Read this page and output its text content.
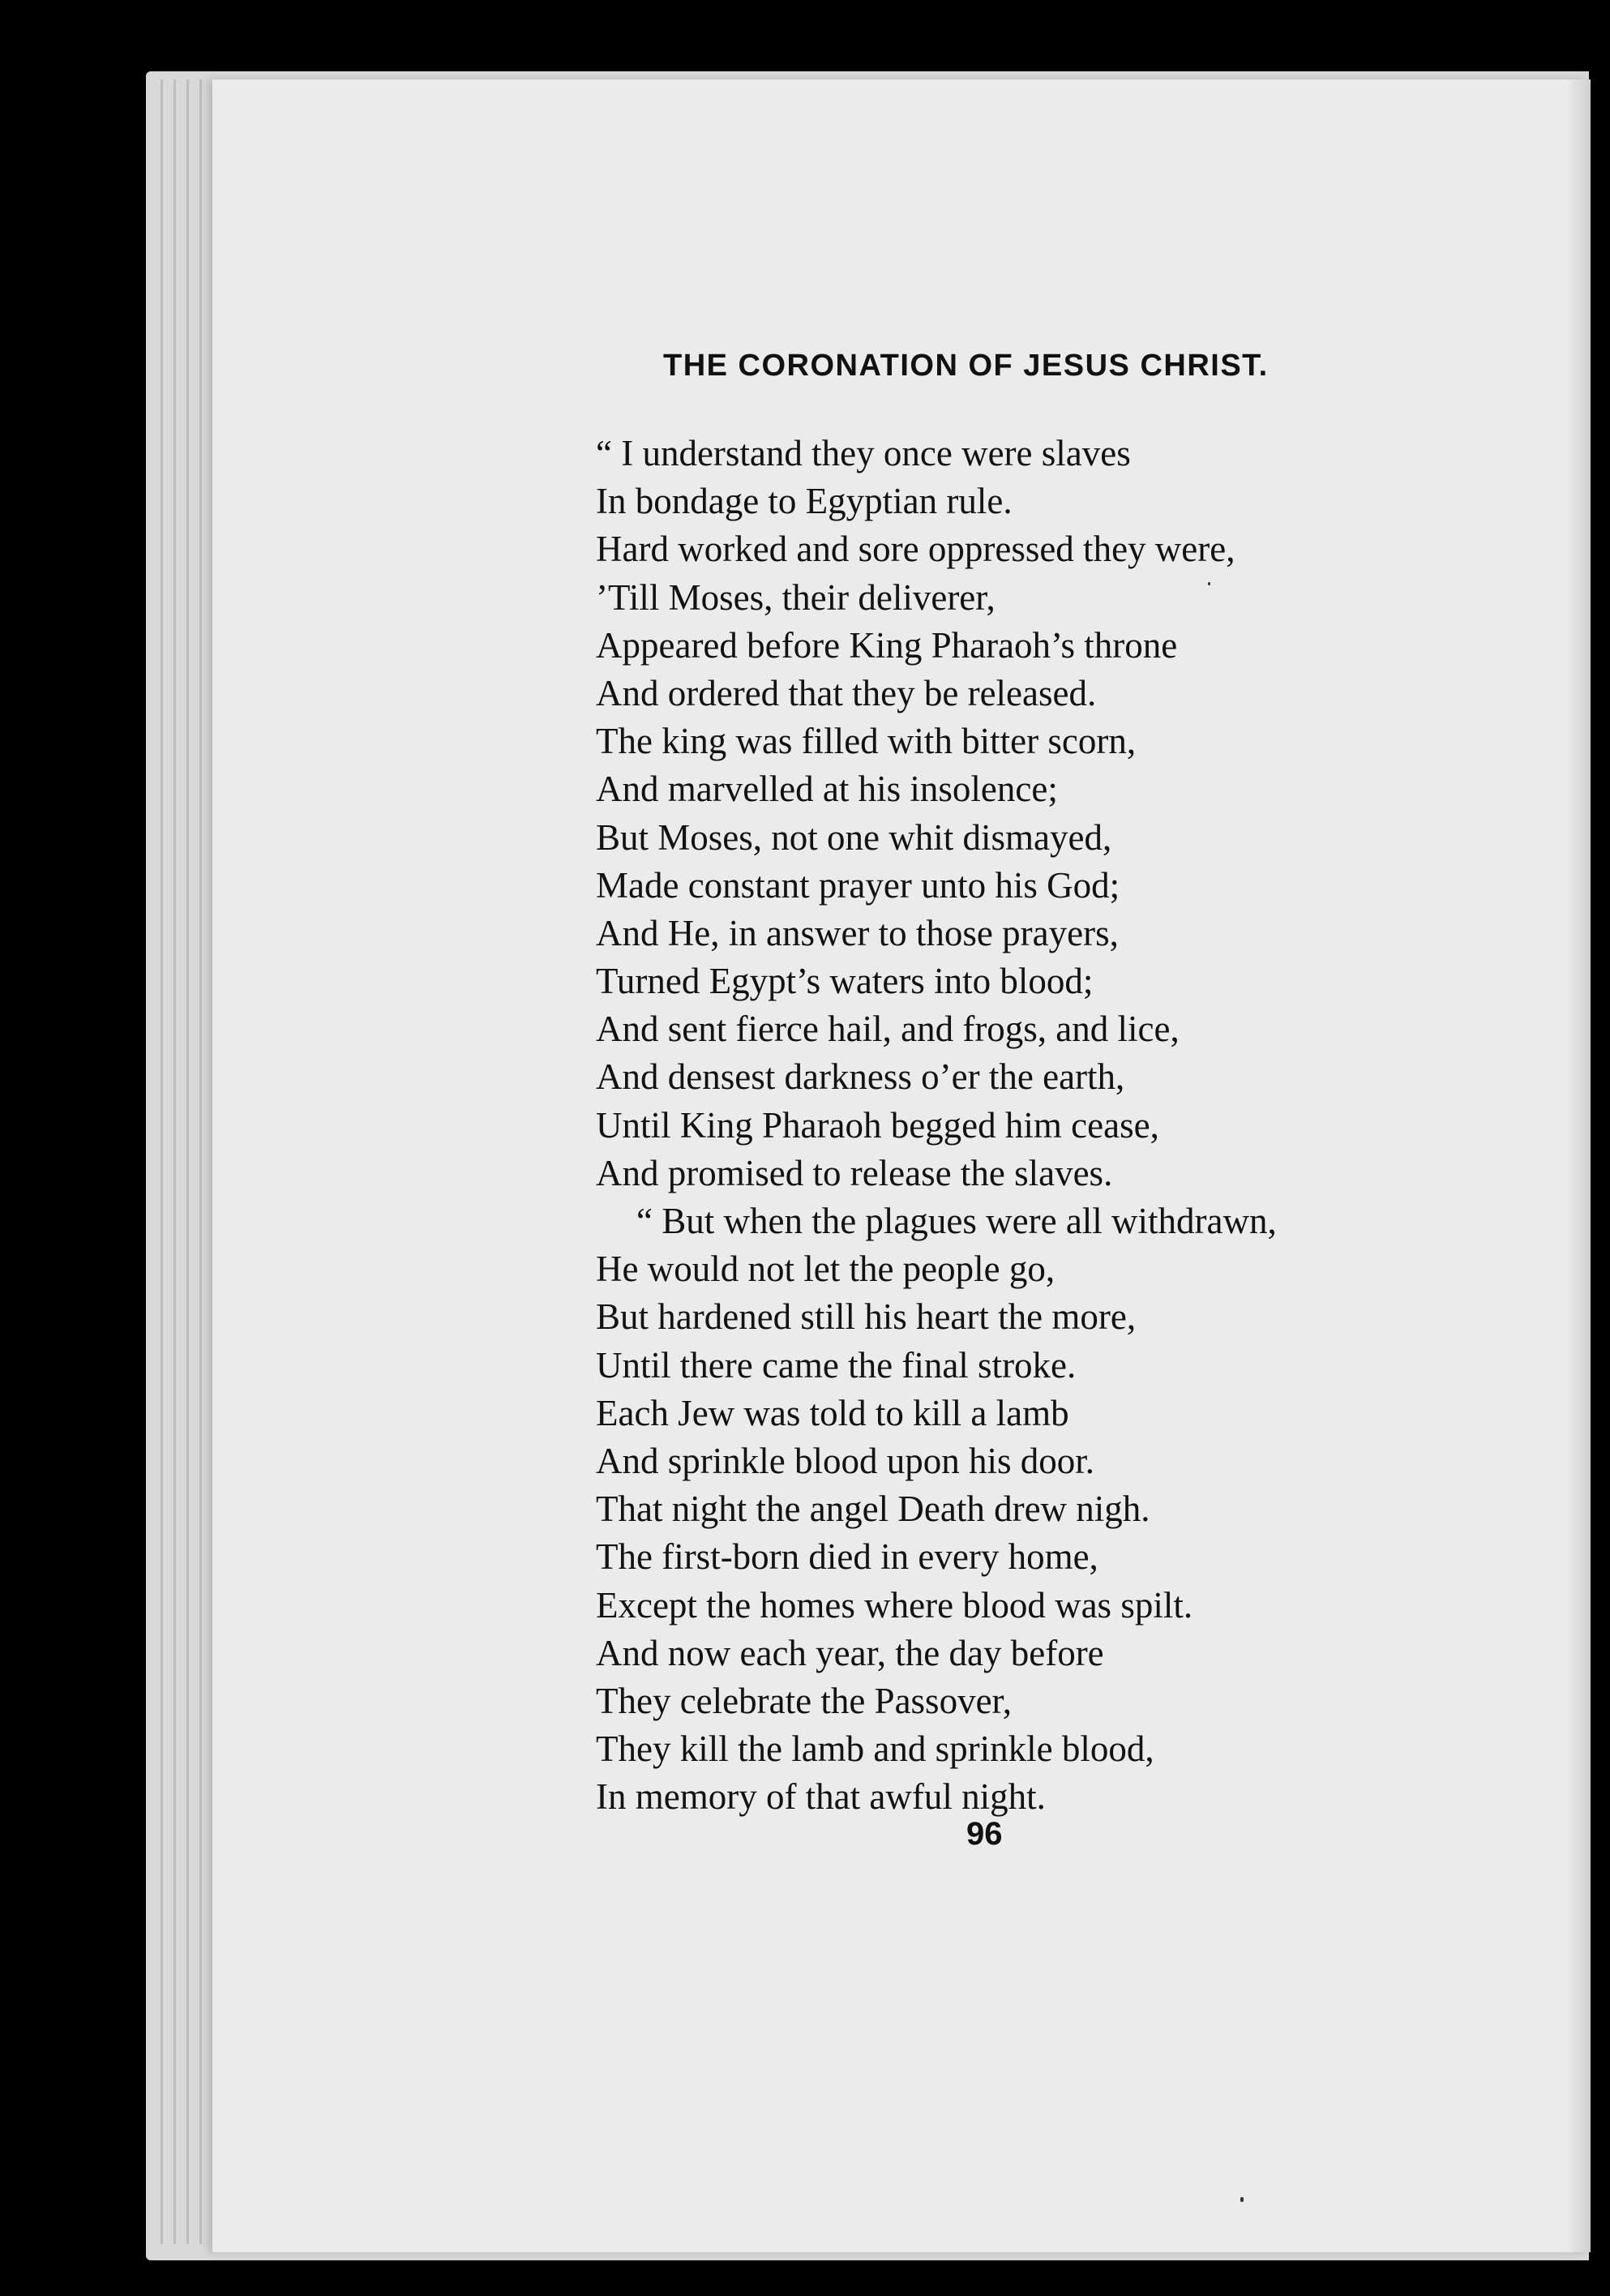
THE CORONATION OF JESUS CHRIST.
“ I understand they once were slaves
In bondage to Egyptian rule.
Hard worked and sore oppressed they were,
’Till Moses, their deliverer,
Appeared before King Pharaoh’s throne
And ordered that they be released.
The king was filled with bitter scorn,
And marvelled at his insolence;
But Moses, not one whit dismayed,
Made constant prayer unto his God;
And He, in answer to those prayers,
Turned Egypt’s waters into blood;
And sent fierce hail, and frogs, and lice,
And densest darkness o’er the earth,
Until King Pharaoh begged him cease,
And promised to release the slaves.
“ But when the plagues were all withdrawn,
He would not let the people go,
But hardened still his heart the more,
Until there came the final stroke.
Each Jew was told to kill a lamb
And sprinkle blood upon his door.
That night the angel Death drew nigh.
The first-born died in every home,
Except the homes where blood was spilt.
And now each year, the day before
They celebrate the Passover,
They kill the lamb and sprinkle blood,
In memory of that awful night.
96
